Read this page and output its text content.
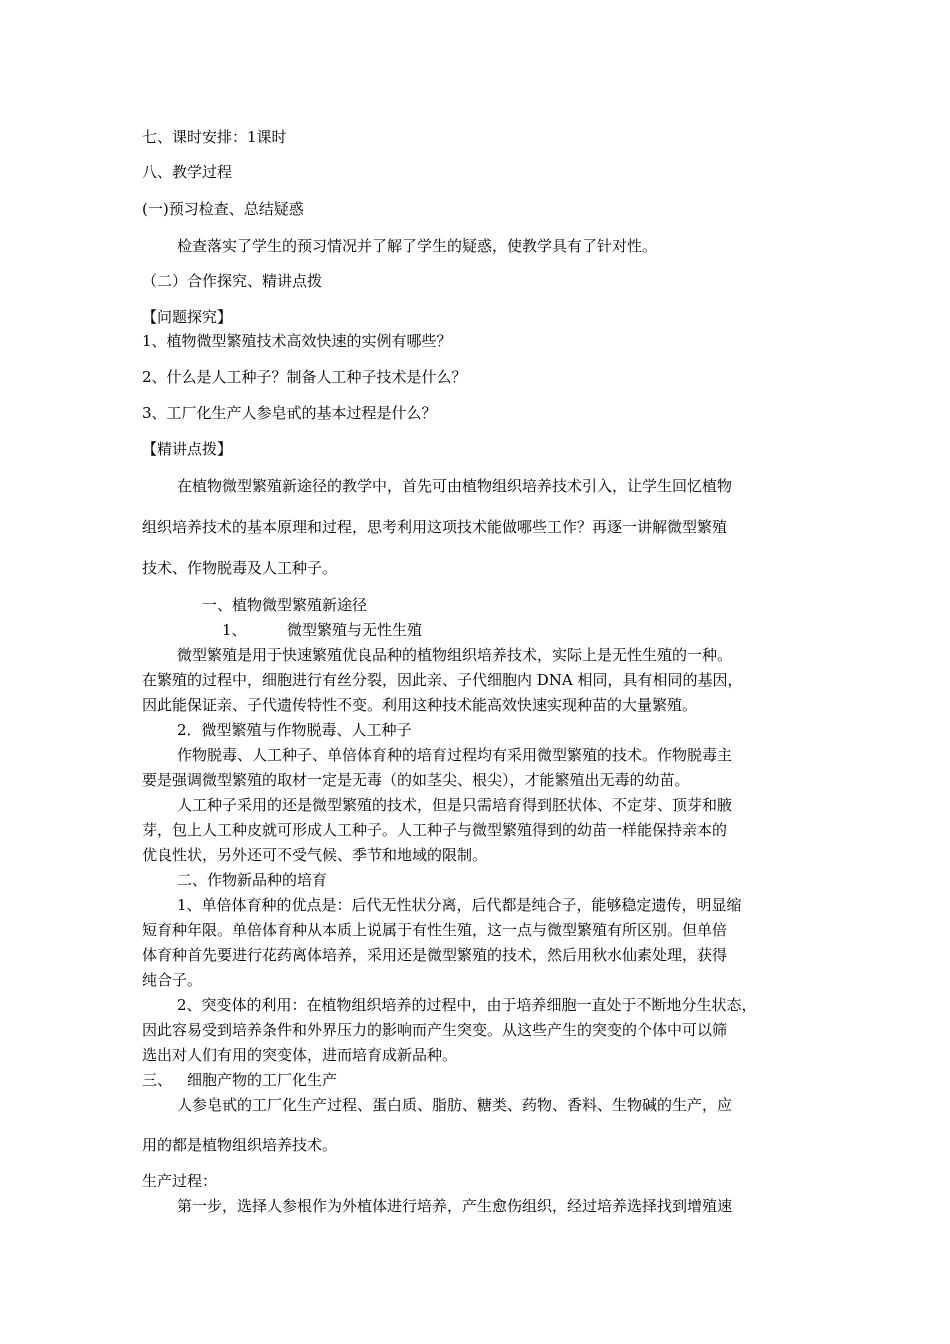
七、课时安排：1课时
八、教学过程
(一)预习检查、总结疑惑
检查落实了学生的预习情况并了解了学生的疑惑，使教学具有了针对性。
（二）合作探究、精讲点拨
【问题探究】
1、植物微型繁殖技术高效快速的实例有哪些？
2、什么是人工种子？制备人工种子技术是什么？
3、工厂化生产人参皂甙的基本过程是什么？
【精讲点拨】
在植物微型繁殖新途径的教学中，首先可由植物组织培养技术引入，让学生回忆植物
组织培养技术的基本原理和过程，思考利用这项技术能做哪些工作？再逐一讲解微型繁殖
技术、作物脱毒及人工种子。
一、植物微型繁殖新途径
1、	微型繁殖与无性生殖
微型繁殖是用于快速繁殖优良品种的植物组织培养技术，实际上是无性生殖的一种。
在繁殖的过程中，细胞进行有丝分裂，因此亲、子代细胞内 DNA 相同，具有相同的基因，
因此能保证亲、子代遗传特性不变。利用这种技术能高效快速实现种苗的大量繁殖。
2．微型繁殖与作物脱毒、人工种子
作物脱毒、人工种子、单倍体育种的培育过程均有采用微型繁殖的技术。作物脱毒主
要是强调微型繁殖的取材一定是无毒（的如茎尖、根尖），才能繁殖出无毒的幼苗。
人工种子采用的还是微型繁殖的技术，但是只需培育得到胚状体、不定芽、顶芽和腋
芽，包上人工种皮就可形成人工种子。人工种子与微型繁殖得到的幼苗一样能保持亲本的
优良性状，另外还可不受气候、季节和地域的限制。
二、作物新品种的培育
1、单倍体育种的优点是：后代无性状分离，后代都是纯合子，能够稳定遗传，明显缩
短育种年限。单倍体育种从本质上说属于有性生殖，这一点与微型繁殖有所区别。但单倍
体育种首先要进行花药离体培养，采用还是微型繁殖的技术，然后用秋水仙素处理，获得
纯合子。
2、突变体的利用：在植物组织培养的过程中，由于培养细胞一直处于不断地分生状态，
因此容易受到培养条件和外界压力的影响而产生突变。从这些产生的突变的个体中可以筛
选出对人们有用的突变体，进而培育成新品种。
三、 细胞产物的工厂化生产
人参皂甙的工厂化生产过程、蛋白质、脂肪、糖类、药物、香料、生物碱的生产，应
用的都是植物组织培养技术。
生产过程：
第一步，选择人参根作为外植体进行培养，产生愈伤组织，经过培养选择找到增殖速
